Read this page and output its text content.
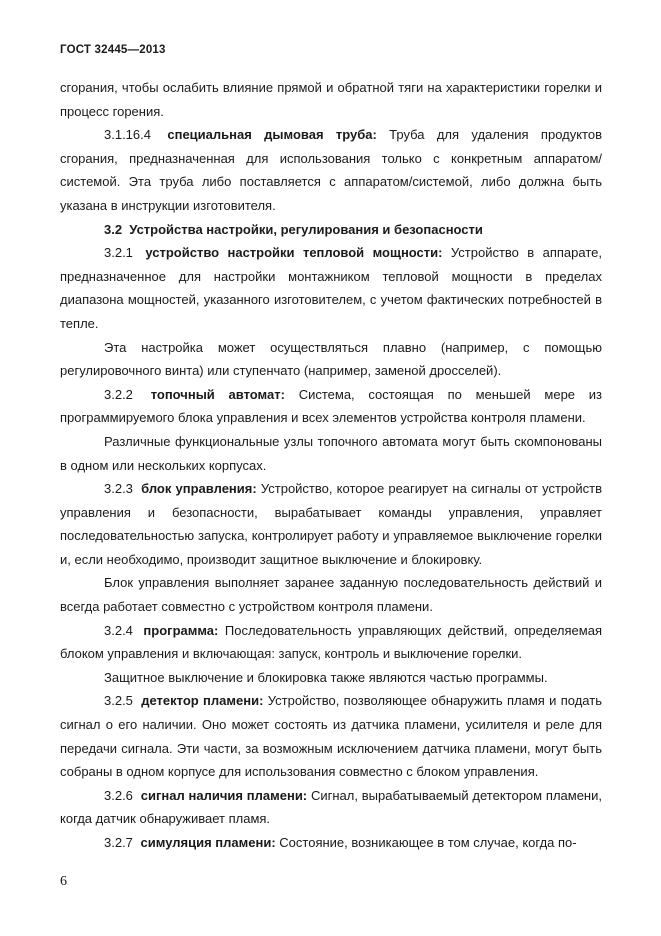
ГОСТ 32445—2013

сгорания, чтобы ослабить влияние прямой и обратной тяги на характеристики горелки и процесс горения.

3.1.16.4 специальная дымовая труба: Труба для удаления продуктов сгорания, предназначенная для использования только с конкретным аппаратом/системой. Эта труба либо поставляется с аппаратом/системой, либо должна быть указана в инструкции изготовителя.

3.2  Устройства настройки, регулирования и безопасности

3.2.1 устройство настройки тепловой мощности: Устройство в аппарате, предназначенное для настройки монтажником тепловой мощности в пределах диапазона мощностей, указанного изготовителем, с учетом фактических потребностей в тепле.

Эта настройка может осуществляться плавно (например, с помощью регулировочного винта) или ступенчато (например, заменой дросселей).

3.2.2 топочный автомат: Система, состоящая по меньшей мере из программируемого блока управления и всех элементов устройства контроля пламени.

Различные функциональные узлы топочного автомата могут быть скомпонованы в одном или нескольких корпусах.

3.2.3 блок управления: Устройство, которое реагирует на сигналы от устройств управления и безопасности, вырабатывает команды управления, управляет последовательностью запуска, контролирует работу и управляемое выключение горелки и, если необходимо, производит защитное выключение и блокировку.

Блок управления выполняет заранее заданную последовательность действий и всегда работает совместно с устройством контроля пламени.

3.2.4 программа: Последовательность управляющих действий, определяемая блоком управления и включающая: запуск, контроль и выключение горелки.

Защитное выключение и блокировка также являются частью программы.

3.2.5 детектор пламени: Устройство, позволяющее обнаружить пламя и подать сигнал о его наличии. Оно может состоять из датчика пламени, усилителя и реле для передачи сигнала. Эти части, за возможным исключением датчика пламени, могут быть собраны в одном корпусе для использования совместно с блоком управления.

3.2.6 сигнал наличия пламени: Сигнал, вырабатываемый детектором пламени, когда датчик обнаруживает пламя.

3.2.7 симуляция пламени: Состояние, возникающее в том случае, когда по-

6
